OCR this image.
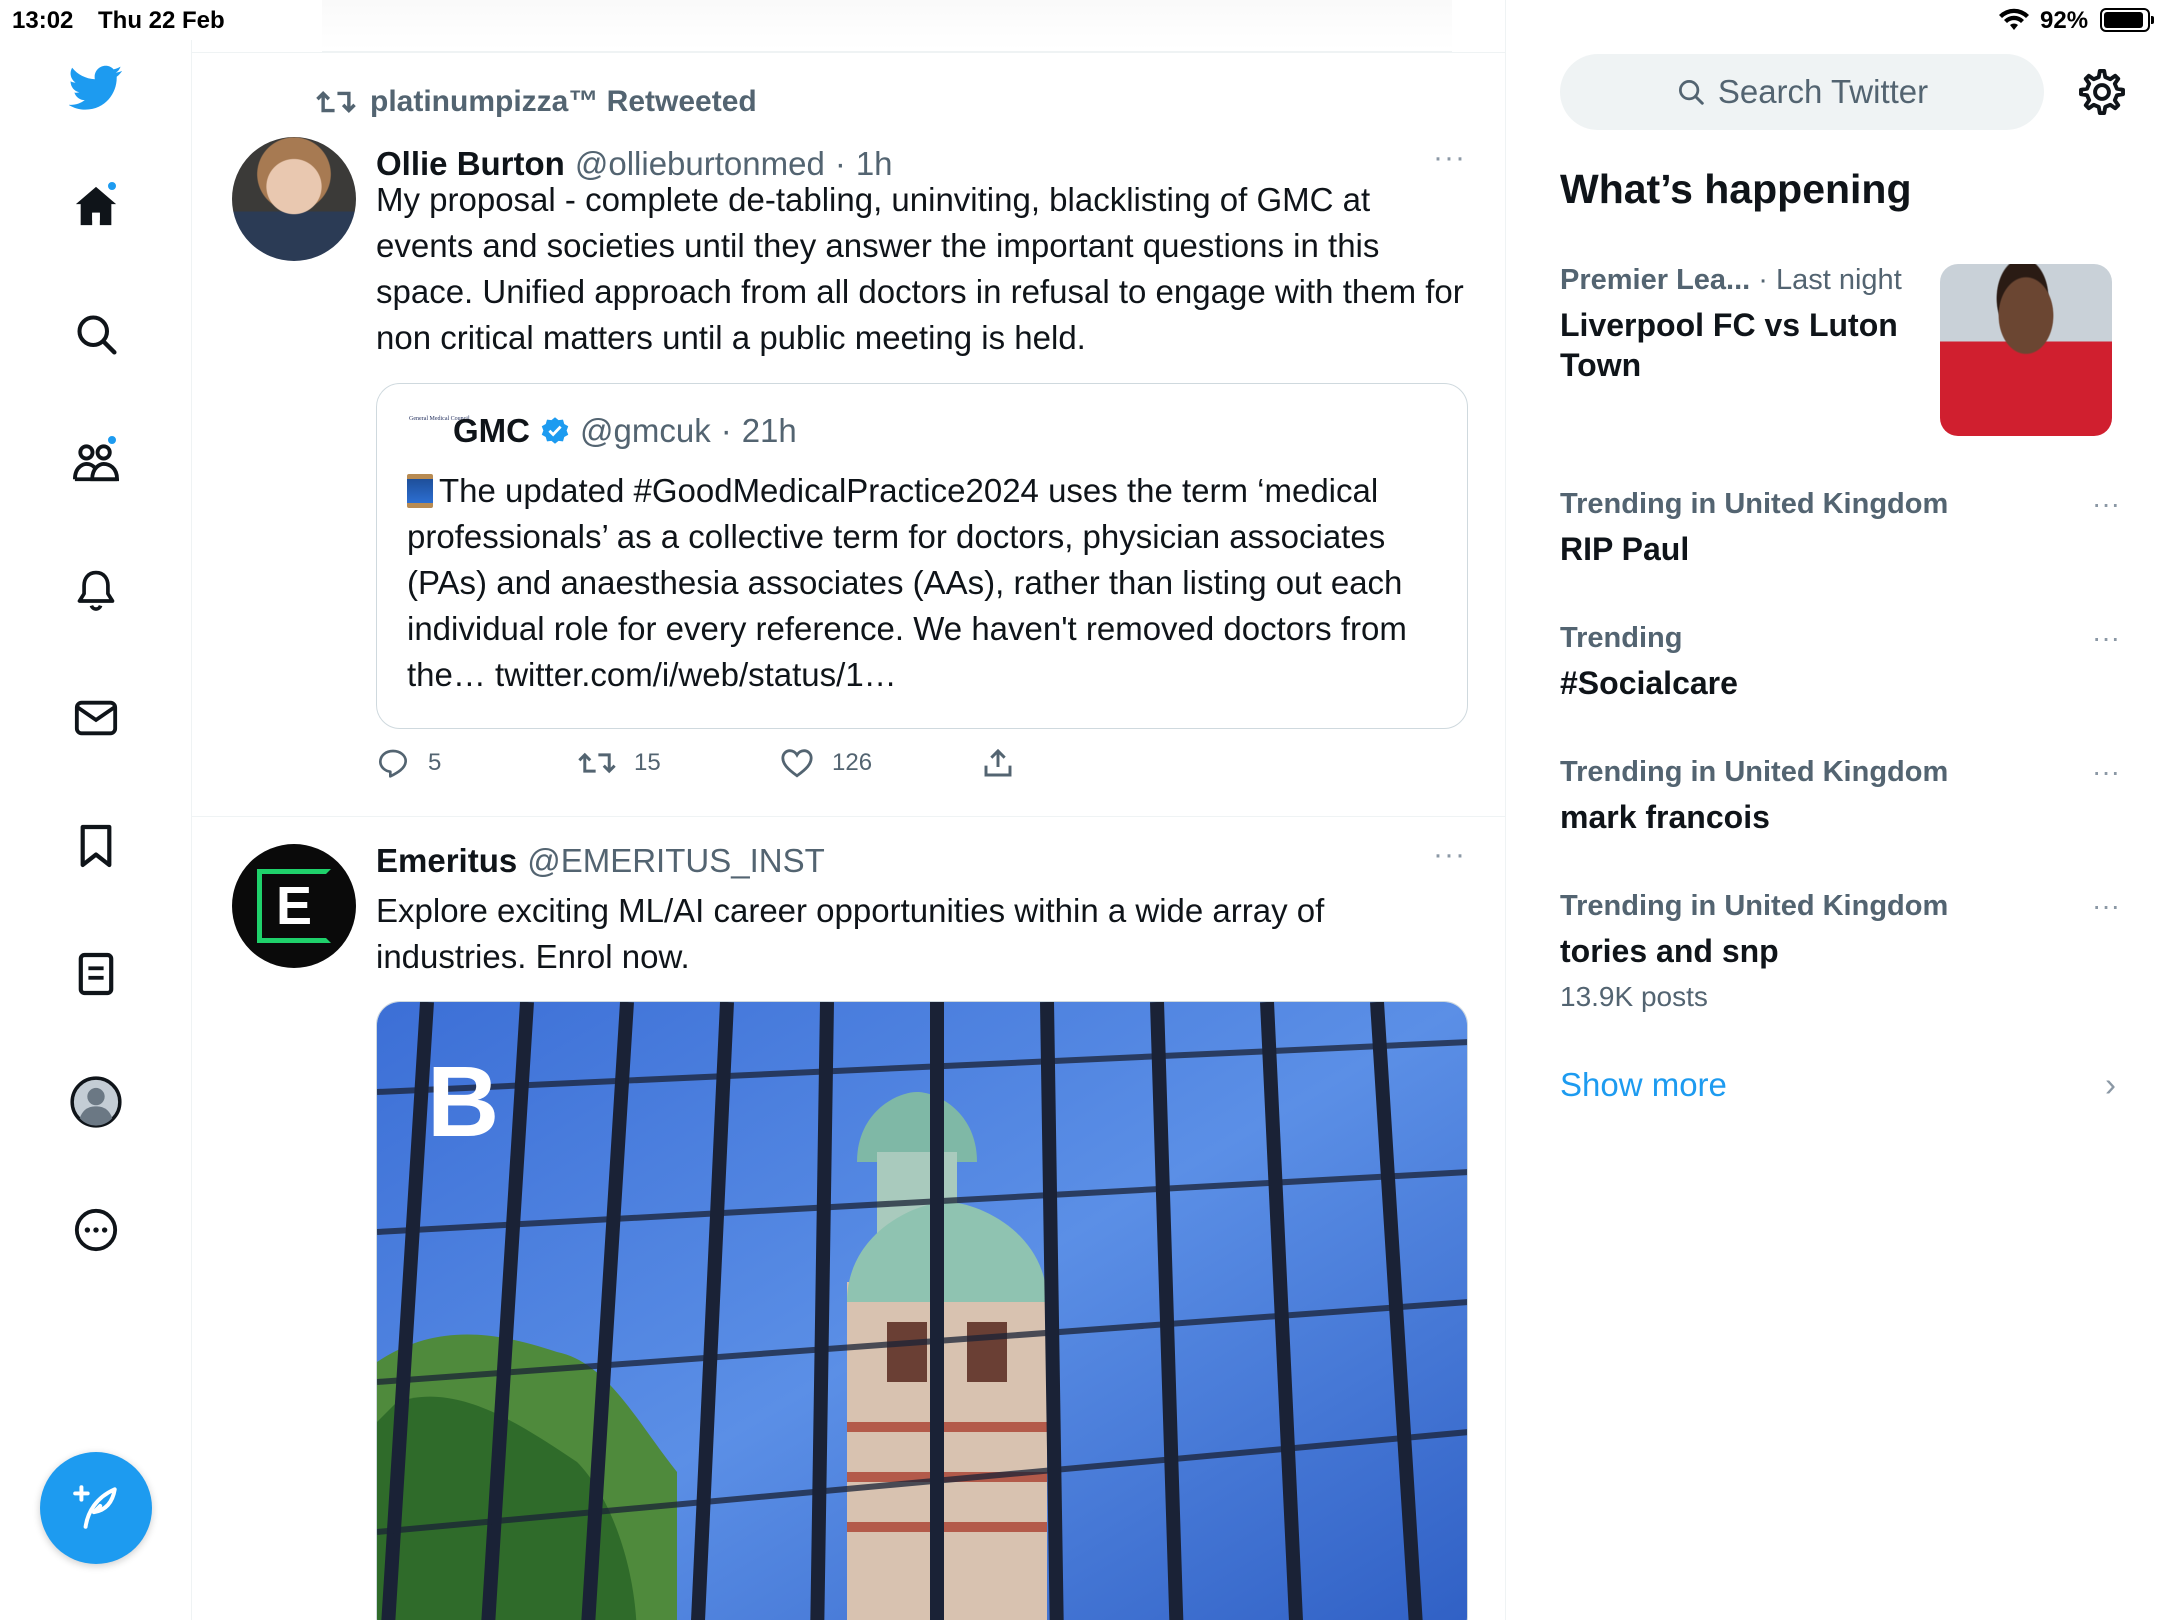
13:02 Thu 22 Feb	92%
platinumpizza™ Retweeted
Ollie Burton @ollieburtonmed · 1h	···
My proposal - complete de-tabling, uninviting, blacklisting of GMC at events and societies until they answer the important questions in this space. Unified approach from all doctors in refusal to engage with them for non critical matters until a public meeting is held.
General Medical Council
GMC @gmcuk · 21h
The updated #GoodMedicalPractice2024 uses the term ‘medical professionals’ as a collective term for doctors, physician associates (PAs) and anaesthesia associates (AAs), rather than listing out each individual role for every reference. We haven't removed doctors from the… twitter.com/i/web/status/1…
5	15	126
E
Emeritus @EMERITUS_INST	···
Explore exciting ML/AI career opportunities within a wide array of industries. Enrol now.
B
Search Twitter
What’s happening
Premier Lea... · Last night
Liverpool FC vs Luton Town
Trending in United Kingdom
RIP Paul
···
Trending
#Socialcare
···
Trending in United Kingdom
mark francois
···
Trending in United Kingdom
tories and snp
13.9K posts
···
Show more	›
